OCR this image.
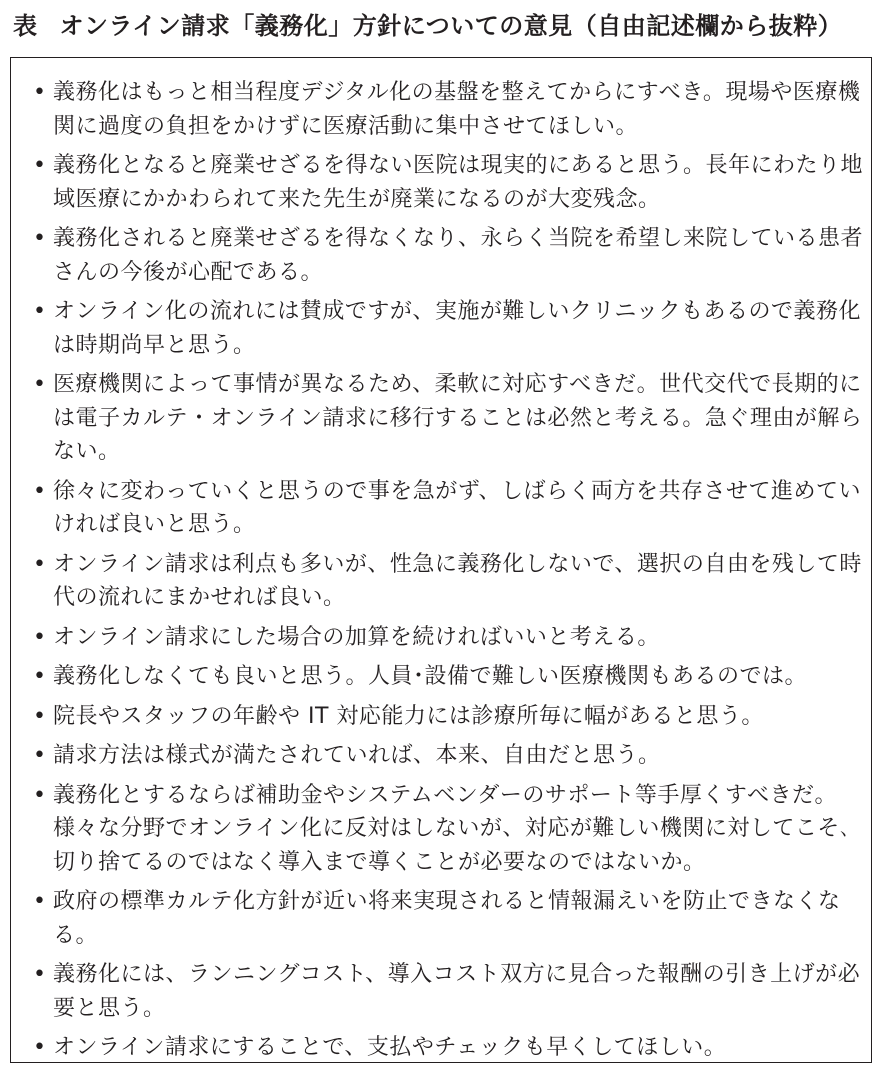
表 オンライン請求「義務化」方針についての意見（自由記述欄から抜粋）
• 義務化はもっと相当程度デジタル化の基盤を整えてからにすべき。現場や医療機関に過度の負担をかけずに医療活動に集中させてほしい。
• 義務化となると廃業せざるを得ない医院は現実的にあると思う。長年にわたり地域医療にかかわられて来た先生が廃業になるのが大変残念。
• 義務化されると廃業せざるを得なくなり、永らく当院を希望し来院している患者さんの今後が心配である。
• オンライン化の流れには賛成ですが、実施が難しいクリニックもあるので義務化は時期尚早と思う。
• 医療機関によって事情が異なるため、柔軟に対応すべきだ。世代交代で長期的には電子カルテ・オンライン請求に移行することは必然と考える。急ぐ理由が解らない。
• 徐々に変わっていくと思うので事を急がず、しばらく両方を共存させて進めていければ良いと思う。
• オンライン請求は利点も多いが、性急に義務化しないで、選択の自由を残して時代の流れにまかせれば良い。
• オンライン請求にした場合の加算を続ければいいと考える。
• 義務化しなくても良いと思う。人員･設備で難しい医療機関もあるのでは。
• 院長やスタッフの年齢や IT 対応能力には診療所毎に幅があると思う。
• 請求方法は様式が満たされていれば、本来、自由だと思う。
• 義務化とするならば補助金やシステムベンダーのサポート等手厚くすべきだ。様々な分野でオンライン化に反対はしないが、対応が難しい機関に対してこそ､切り捨てるのではなく導入まで導くことが必要なのではないか。
• 政府の標準カルテ化方針が近い将来実現されると情報漏えいを防止できなくなる。
• 義務化には、ランニングコスト、導入コスト双方に見合った報酬の引き上げが必要と思う。
• オンライン請求にすることで、支払やチェックも早くしてほしい。
